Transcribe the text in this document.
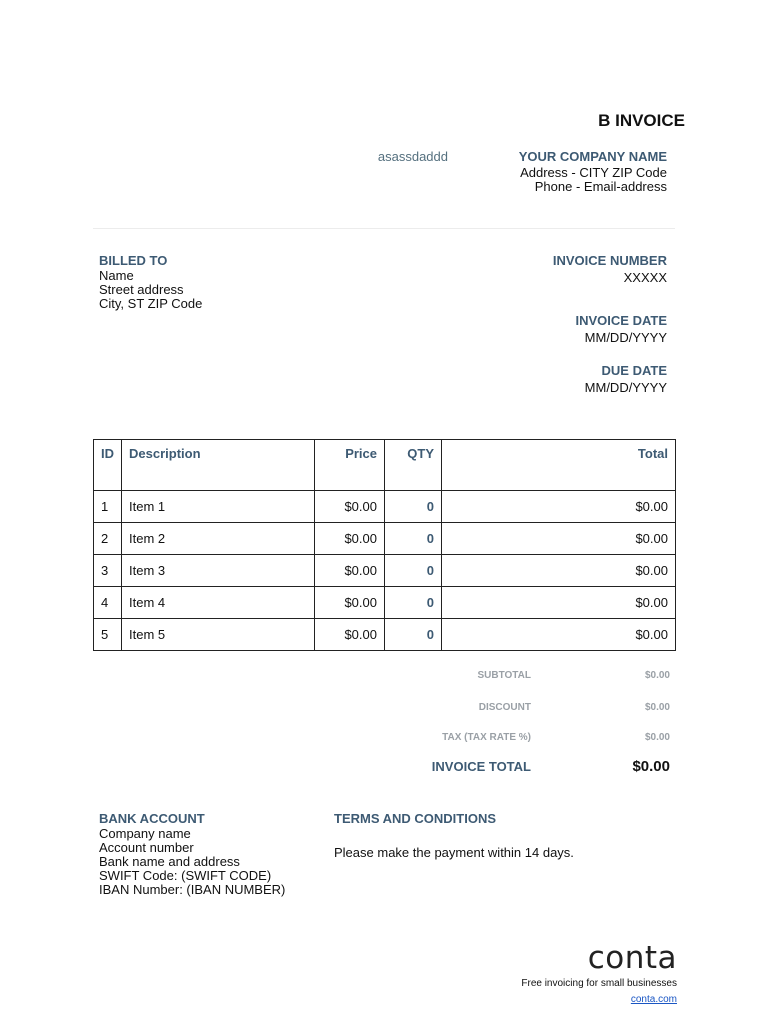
B INVOICE
asassdaddd	YOUR COMPANY NAME
Address - CITY ZIP Code
Phone - Email-address
BILLED TO
Name
Street address
City, ST ZIP Code
INVOICE NUMBER
XXXXX
INVOICE DATE
MM/DD/YYYY
DUE DATE
MM/DD/YYYY
ID	Description	Price	QTY	Total
1	Item 1	$0.00	0	$0.00
2	Item 2	$0.00	0	$0.00
3	Item 3	$0.00	0	$0.00
4	Item 4	$0.00	0	$0.00
5	Item 5	$0.00	0	$0.00
SUBTOTAL	$0.00
DISCOUNT	$0.00
TAX (TAX RATE %)	$0.00
INVOICE TOTAL	$0.00
BANK ACCOUNT
Company name
Account number
Bank name and address
SWIFT Code: (SWIFT CODE)
IBAN Number: (IBAN NUMBER)
TERMS AND CONDITIONS
Please make the payment within 14 days.
conta
Free invoicing for small businesses
conta.com
